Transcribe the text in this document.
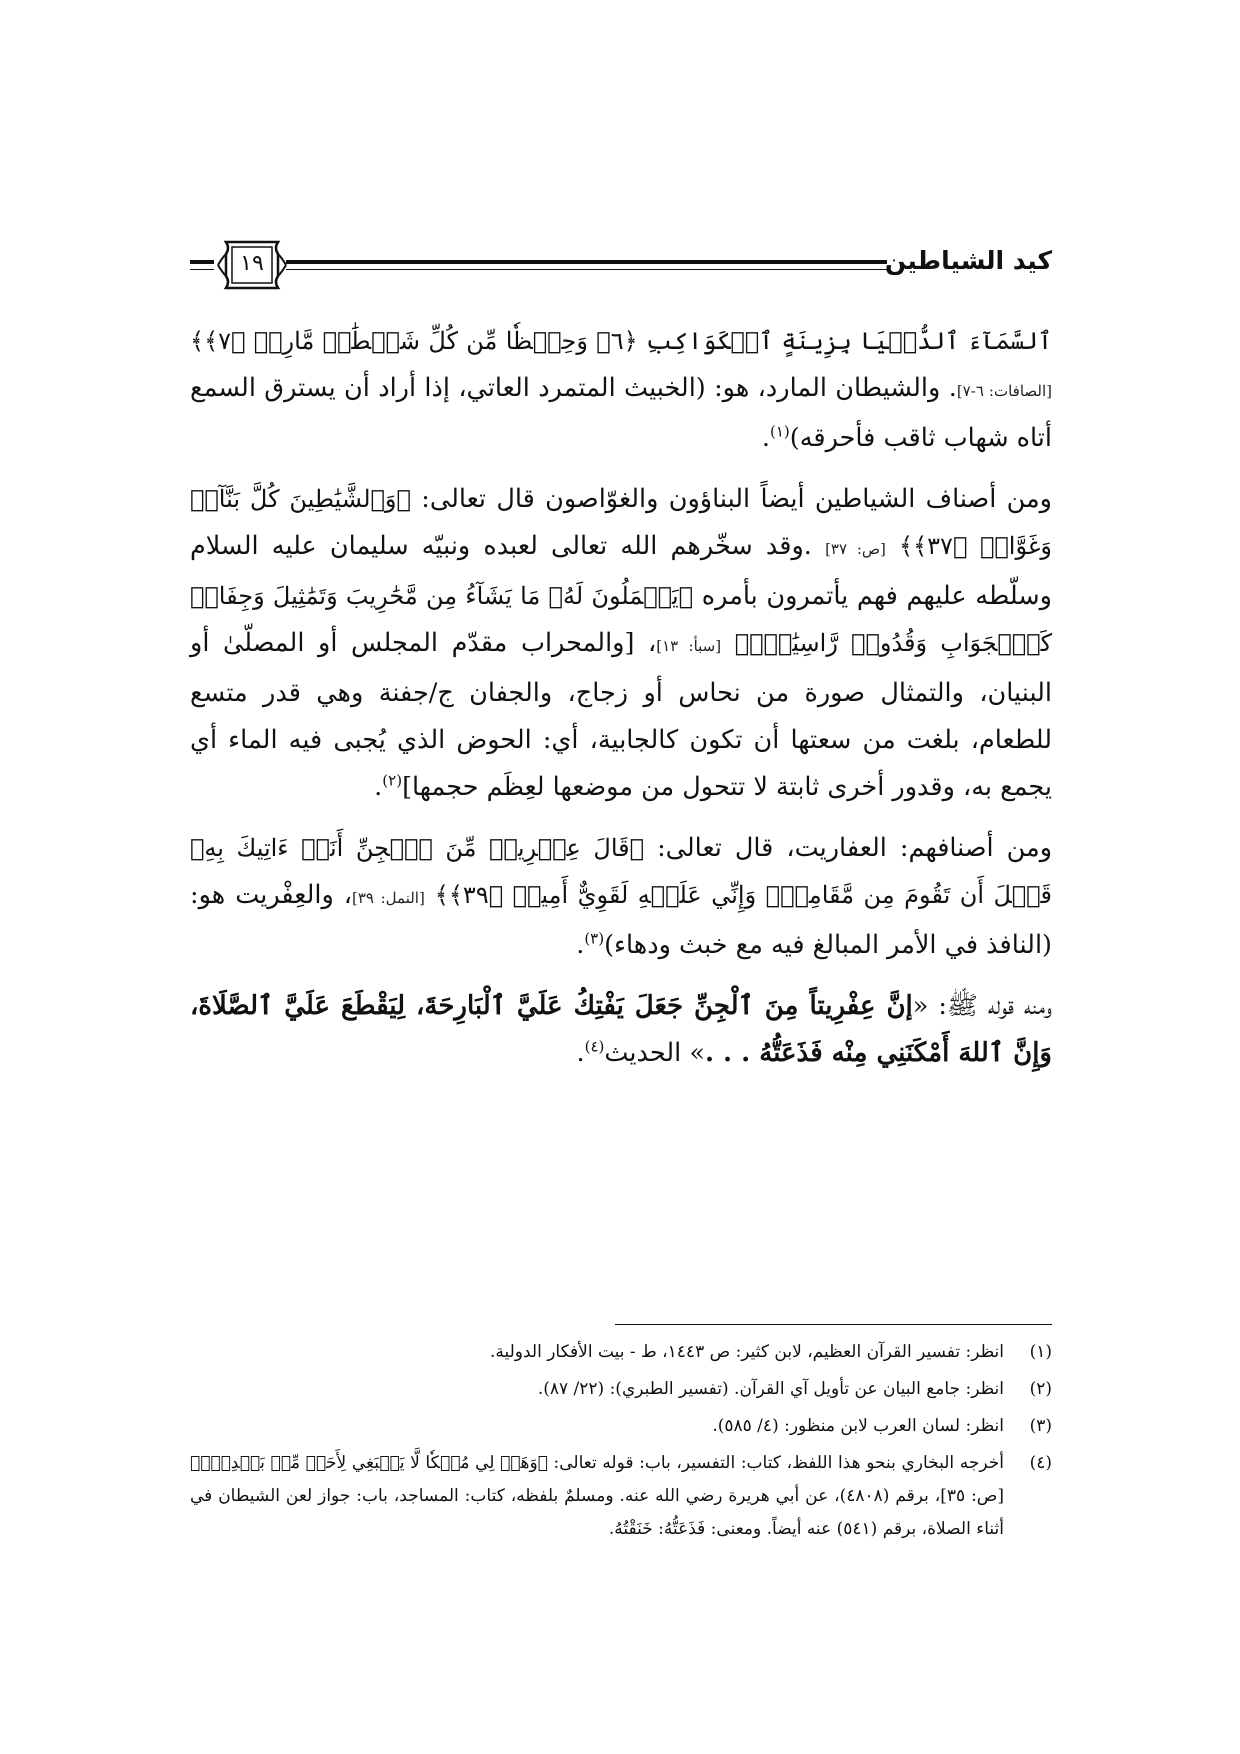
١٩	كيد الشياطين

ٱلسَّمَآءَ ٱلدُّنۡيَا بِزِينَةٍ ٱلۡكَوَاكِبِ ﴿٦﴾ وَحِفۡظٗا مِّن كُلِّ شَيۡطَٰنٖ مَّارِدٖ ﴿٧﴾﴾ [الصافات: ٦-٧]. والشيطان المارد، هو: (الخبيث المتمرد العاتي، إذا أراد أن يسترق السمع أتاه شهاب ثاقب فأحرقه)$^{(١)}$.

ومن أصناف الشياطين أيضاً البناؤون والغوّاصون قال تعالى: ﴿وَٱلشَّيَٰطِينَ كُلَّ بَنَّآءٖ وَغَوَّاصٖ ﴿٣٧﴾﴾ [ص: ٣٧] .وقد سخّرهم الله تعالى لعبده ونبيّه سليمان عليه السلام وسلّطه عليهم فهم يأتمرون بأمره ﴿يَعۡمَلُونَ لَهُۥ مَا يَشَآءُ مِن مَّحَٰرِيبَ وَتَمَٰثِيلَ وَجِفَانٖ كَٱلۡجَوَابِ وَقُدُورٖ رَّاسِيَٰتٍۚ﴾ [سبأ: ١٣]، [والمحراب مقدّم المجلس أو المصلّىٰ أو البنيان، والتمثال صورة من نحاس أو زجاج، والجفان ج/جفنة وهي قدر متسع للطعام، بلغت من سعتها أن تكون كالجابية، أي: الحوض الذي يُجبى فيه الماء أي يجمع به، وقدور أخرى ثابتة لا تتحول من موضعها لعِظَم حجمها]$^{(٢)}$.

ومن أصنافهم: العفاريت، قال تعالى: ﴿قَالَ عِفۡرِيتٞ مِّنَ ٱلۡجِنِّ أَنَا۠ ءَاتِيكَ بِهِۦ قَبۡلَ أَن تَقُومَ مِن مَّقَامِكَۖ وَإِنِّي عَلَيۡهِ لَقَوِيٌّ أَمِينٞ ﴿٣٩﴾﴾ [النمل: ٣٩]، والعِفْريت هو: (النافذ في الأمر المبالغ فيه مع خبث ودهاء)$^{(٣)}$.

ومنه قوله ﷺ: «إنَّ عِفْرِيتاً مِنَ ٱلْجِنِّ جَعَلَ يَفْتِكُ عَلَيَّ ٱلْبَارِحَةَ، لِيَقْطَعَ عَلَيَّ ٱلصَّلَاةَ، وَإِنَّ ٱللهَ أَمْكَنَنِي مِنْه فَذَعَتُّهُ . . .» الحديث$^{(٤)}$.

(١)انظر: تفسير القرآن العظيم، لابن كثير: ص ١٤٤٣، ط - بيت الأفكار الدولية.

(٢)انظر: جامع البيان عن تأويل آي القرآن. (تفسير الطبري): (٢٢/ ٨٧).

(٣)انظر: لسان العرب لابن منظور: (٤/ ٥٨٥).

(٤)أخرجه البخاري بنحو هذا اللفظ، كتاب: التفسير، باب: قوله تعالى: ﴿وَهَبۡ لِي مُلۡكٗا لَّا يَنۢبَغِي لِأَحَدٖ مِّنۢ بَعۡدِيٓۖ﴾ [ص: ٣٥]، برقم (٤٨٠٨)، عن أبي هريرة رضي الله عنه. ومسلمٌ بلفظه، كتاب: المساجد، باب: جواز لعن الشيطان في أثناء الصلاة، برقم (٥٤١) عنه أيضاً. ومعنى: فَذَعَتُّهُ: خَنَقْتُهُ.
